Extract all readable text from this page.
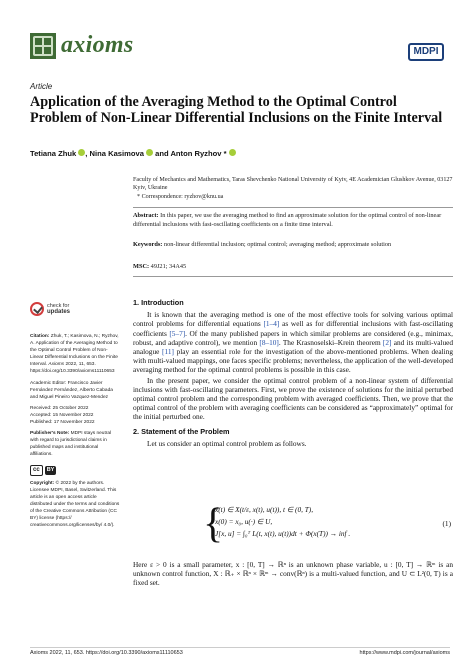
axioms	MDPI
Article
Application of the Averaging Method to the Optimal Control Problem of Non-Linear Differential Inclusions on the Finite Interval
Tetiana Zhuk , Nina Kasimova and Anton Ryzhov *
Faculty of Mechanics and Mathematics, Taras Shevchenko National University of Kyiv, 4E Academician Glushkov Avenue, 03127 Kyiv, Ukraine
* Correspondence: ryzhov@knu.ua
Abstract: In this paper, we use the averaging method to find an approximate solution for the optimal control of non-linear differential inclusions with fast-oscillating coefficients on a finite time interval.
Keywords: non-linear differential inclusion; optimal control; averaging method; approximate solution
MSC: 49J21; 34A45
check for
updates

Citation: Zhuk, T.; Kasimova, N.; Ryzhov, A. Application of the Averaging Method to the Optimal Control Problem of Non-Linear Differential Inclusions on the Finite Interval. Axioms 2022, 11, 653. https://doi.org/10.3390/axioms11110653

Academic Editor: Francisco Javier Fernández Fernández, Alberto Cabada and Miguel Pineiro Vazquez-Mendez

Received: 25 October 2022
Accepted: 15 November 2022
Published: 17 November 2022

Publisher's Note: MDPI stays neutral with regard to jurisdictional claims in published maps and institutional affiliations.

cc	BY

Copyright: © 2022 by the authors. Licensee MDPI, Basel, Switzerland. This article is an open access article distributed under the terms and conditions of the Creative Commons Attribution (CC BY) license (https:// creativecommons.org/licenses/by/ 4.0/).

1. Introduction

It is known that the averaging method is one of the most effective tools for solving various optimal control problems for differential equations [1–4] as well as for differential inclusions with fast-oscillating coefficients [5–7]. Of the many published papers in which similar problems are considered (e.g., minimax, robust, and adaptive control), we mention [8–10]. The Krasnoselski–Krein theorem [2] and its multi-valued analogue [11] play an essential role for the investigation of the above-mentioned problems. When dealing with multi-valued mappings, one faces specific problems; nevertheless, the application of the well-developed averaging method for the optimal control problems is possible in this case.

In the present paper, we consider the optimal control problem of a non-linear system of differential inclusions with fast-oscillating parameters. First, we prove the existence of solutions for the initial perturbed optimal control problem and the corresponding problem with averaged coefficients. Then, we prove that the optimal control of the problem with averaging coefficients can be considered as “approximately” optimal for the initial perturbed one.

2. Statement of the Problem

Let us consider an optimal control problem as follows.

{
ẋ(t) ∈ X(t/ε, x(t), u(t)), t ∈ (0, T),
x(0) = x₀, u(·) ∈ U,
J[x, u] = ∫₀ᵀ L(t, x(t), u(t))dt + Φ(x(T)) → inf .
(1)
Here ε > 0 is a small parameter, x : [0, T] → ℝⁿ is an unknown phase variable, u : [0, T] → ℝᵐ is an unknown control function, X : ℝ₊ × ℝⁿ × ℝᵐ → conv(ℝⁿ) is a multi-valued function, and U ⊂ L²(0, T) is a fixed set.
Axioms 2022, 11, 653. https://doi.org/10.3390/axioms11110653	https://www.mdpi.com/journal/axioms
